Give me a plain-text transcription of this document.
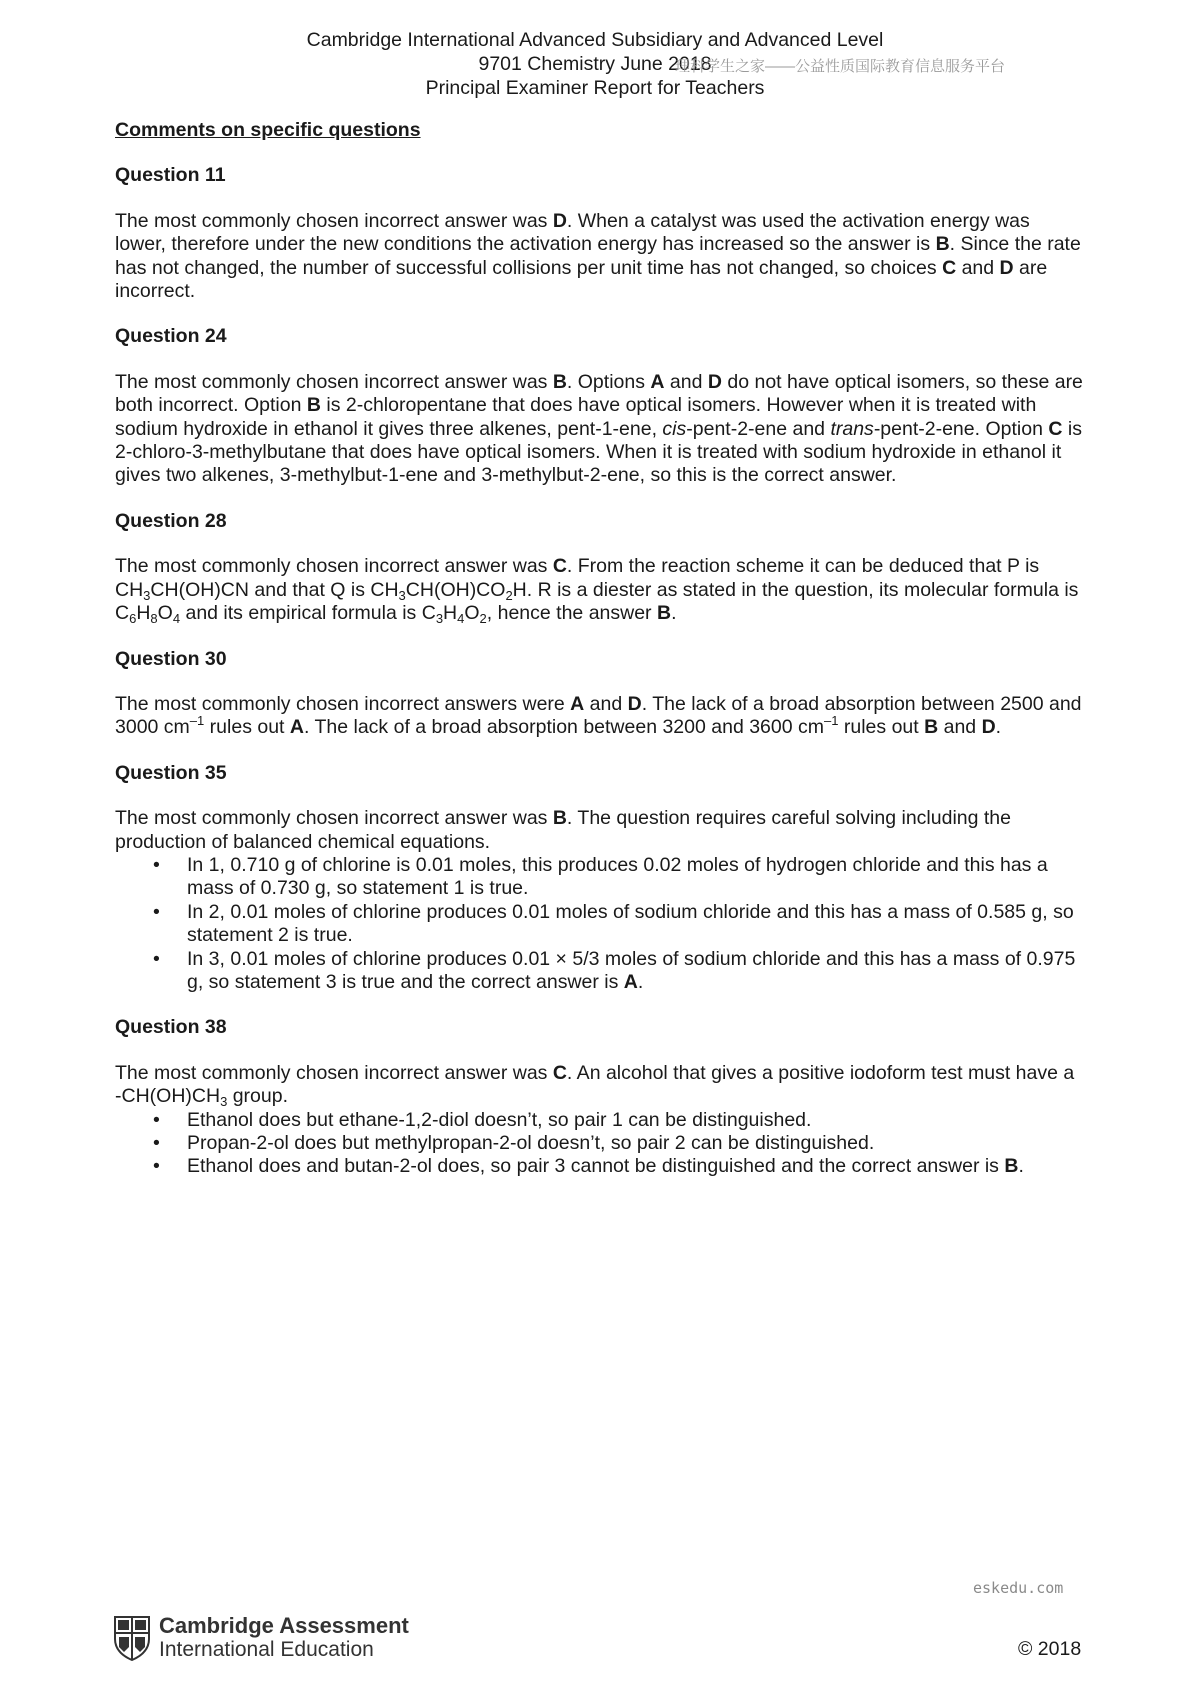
Cambridge International Advanced Subsidiary and Advanced Level
9701 Chemistry June 2018
Principal Examiner Report for Teachers
理科学生之家——公益性质国际教育信息服务平台
Comments on specific questions
Question 11

The most commonly chosen incorrect answer was D. When a catalyst was used the activation energy was lower, therefore under the new conditions the activation energy has increased so the answer is B. Since the rate has not changed, the number of successful collisions per unit time has not changed, so choices C and D are incorrect.

Question 24

The most commonly chosen incorrect answer was B. Options A and D do not have optical isomers, so these are both incorrect. Option B is 2-chloropentane that does have optical isomers. However when it is treated with sodium hydroxide in ethanol it gives three alkenes, pent-1-ene, cis-pent-2-ene and trans-pent-2-ene. Option C is 2-chloro-3-methylbutane that does have optical isomers. When it is treated with sodium hydroxide in ethanol it gives two alkenes, 3-methylbut-1-ene and 3-methylbut-2-ene, so this is the correct answer.

Question 28

The most commonly chosen incorrect answer was C. From the reaction scheme it can be deduced that P is $CH_3CH(OH)CN$ and that Q is $CH_3CH(OH)CO_2H$. R is a diester as stated in the question, its molecular formula is $C_6H_8O_4$ and its empirical formula is $C_3H_4O_2$, hence the answer B.

Question 30

The most commonly chosen incorrect answers were A and D. The lack of a broad absorption between 2500 and 3000 $cm^{-1}$ rules out A. The lack of a broad absorption between 3200 and 3600 $cm^{-1}$ rules out B and D.

Question 35

The most commonly chosen incorrect answer was B. The question requires careful solving including the production of balanced chemical equations.

• In 1, 0.710 g of chlorine is 0.01 moles, this produces 0.02 moles of hydrogen chloride and this has a mass of 0.730 g, so statement 1 is true.
• In 2, 0.01 moles of chlorine produces 0.01 moles of sodium chloride and this has a mass of 0.585 g, so statement 2 is true.
• In 3, 0.01 moles of chlorine produces 0.01 × 5/3 moles of sodium chloride and this has a mass of 0.975 g, so statement 3 is true and the correct answer is A.
Question 38

The most commonly chosen incorrect answer was C. An alcohol that gives a positive iodoform test must have a $-CH(OH)CH_3$ group.

• Ethanol does but ethane-1,2-diol doesn’t, so pair 1 can be distinguished.
• Propan-2-ol does but methylpropan-2-ol doesn’t, so pair 2 can be distinguished.
• Ethanol does and butan-2-ol does, so pair 3 cannot be distinguished and the correct answer is B.
eskedu.com
Cambridge Assessment
International Education	© 2018
